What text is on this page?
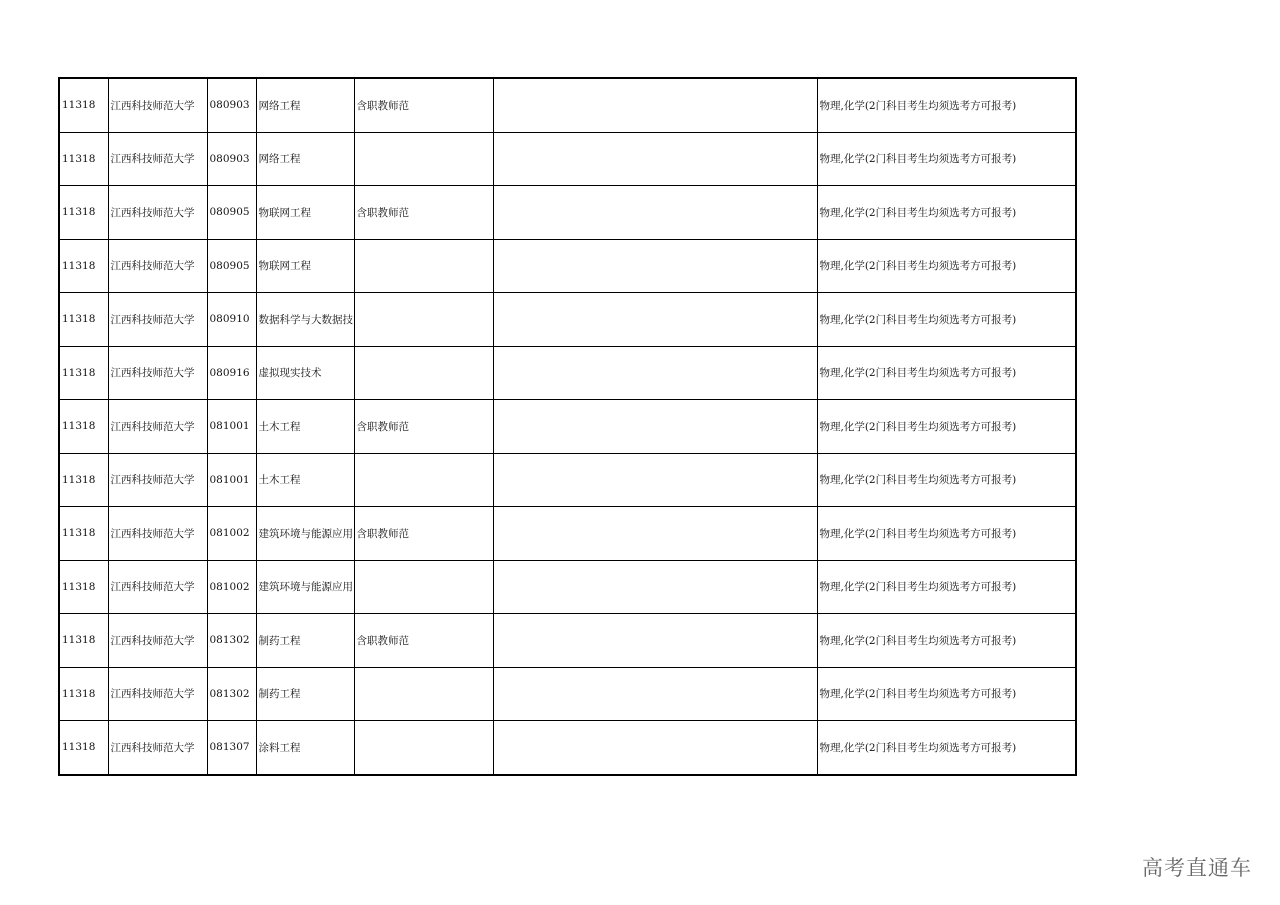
11318	江西科技师范大学	080903	网络工程	含职教师范		物理,化学(2门科目考生均须选考方可报考)
11318	江西科技师范大学	080903	网络工程			物理,化学(2门科目考生均须选考方可报考)
11318	江西科技师范大学	080905	物联网工程	含职教师范		物理,化学(2门科目考生均须选考方可报考)
11318	江西科技师范大学	080905	物联网工程			物理,化学(2门科目考生均须选考方可报考)
11318	江西科技师范大学	080910	数据科学与大数据技			物理,化学(2门科目考生均须选考方可报考)
11318	江西科技师范大学	080916	虚拟现实技术			物理,化学(2门科目考生均须选考方可报考)
11318	江西科技师范大学	081001	土木工程	含职教师范		物理,化学(2门科目考生均须选考方可报考)
11318	江西科技师范大学	081001	土木工程			物理,化学(2门科目考生均须选考方可报考)
11318	江西科技师范大学	081002	建筑环境与能源应用	含职教师范		物理,化学(2门科目考生均须选考方可报考)
11318	江西科技师范大学	081002	建筑环境与能源应用			物理,化学(2门科目考生均须选考方可报考)
11318	江西科技师范大学	081302	制药工程	含职教师范		物理,化学(2门科目考生均须选考方可报考)
11318	江西科技师范大学	081302	制药工程			物理,化学(2门科目考生均须选考方可报考)
11318	江西科技师范大学	081307	涂料工程			物理,化学(2门科目考生均须选考方可报考)
高考直通车
